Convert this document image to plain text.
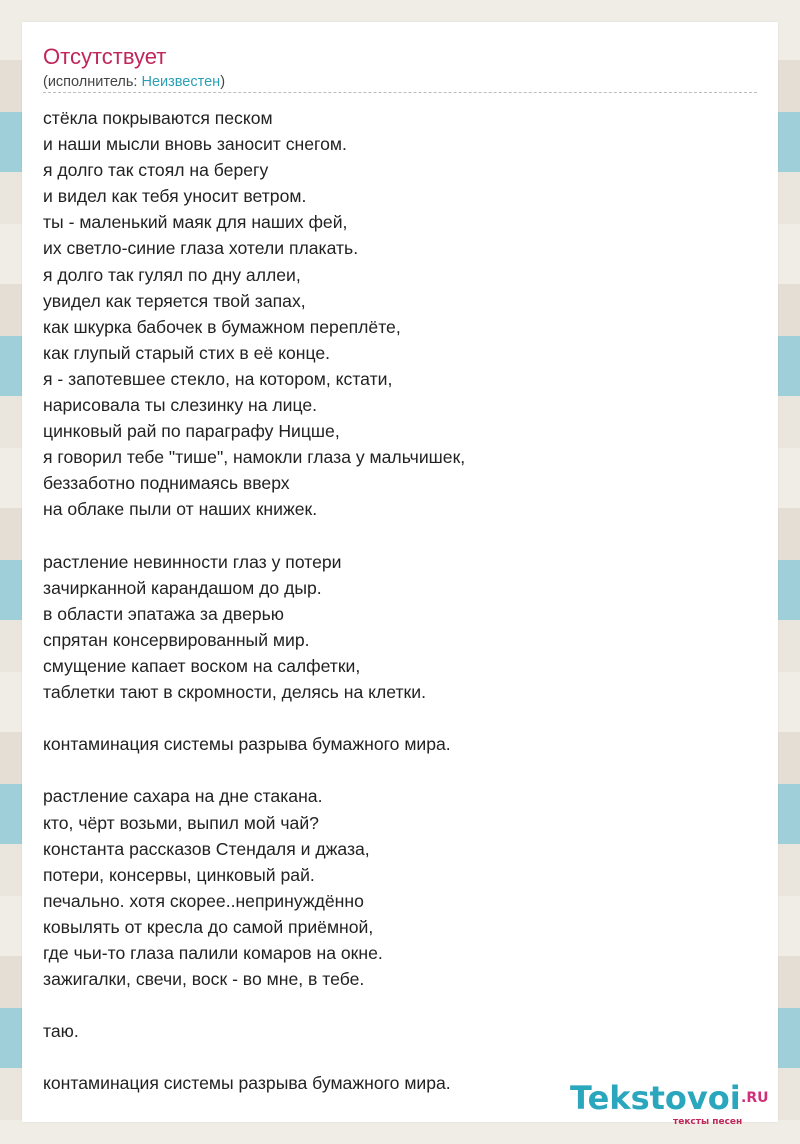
Отсутствует
(исполнитель: Неизвестен)
стёкла покрываются песком
и наши мысли вновь заносит снегом.
я долго так стоял на берегу
и видел как тебя уносит ветром.
ты - маленький маяк для наших фей,
их светло-синие глаза хотели плакать.
я долго так гулял по дну аллеи,
увидел как теряется твой запах,
как шкурка бабочек в бумажном переплёте,
как глупый старый стих в её конце.
я - запотевшее стекло, на котором, кстати,
нарисовала ты слезинку на лице.
цинковый рай по параграфу Ницше,
я говорил тебе "тише", намокли глаза у мальчишек,
беззаботно поднимаясь вверх
на облаке пыли от наших книжек.
растление невинности глаз у потери
зачирканной карандашом до дыр.
в области эпатажа за дверью
спрятан консервированный мир.
смущение капает воском на салфетки,
таблетки тают в скромности, делясь на клетки.
контаминация системы разрыва бумажного мира.
растление сахара на дне стакана.
кто, чёрт возьми, выпил мой чай?
константа рассказов Стендаля и джаза,
потери, консервы, цинковый рай.
печально. хотя скорее..непринуждённо
ковылять от кресла до самой приёмной,
где чьи-то глаза палили комаров на окне.
зажигалки, свечи, воск - во мне, в тебе.
таю.
контаминация системы разрыва бумажного мира.	Tekstovoi .RU
тексты песен
